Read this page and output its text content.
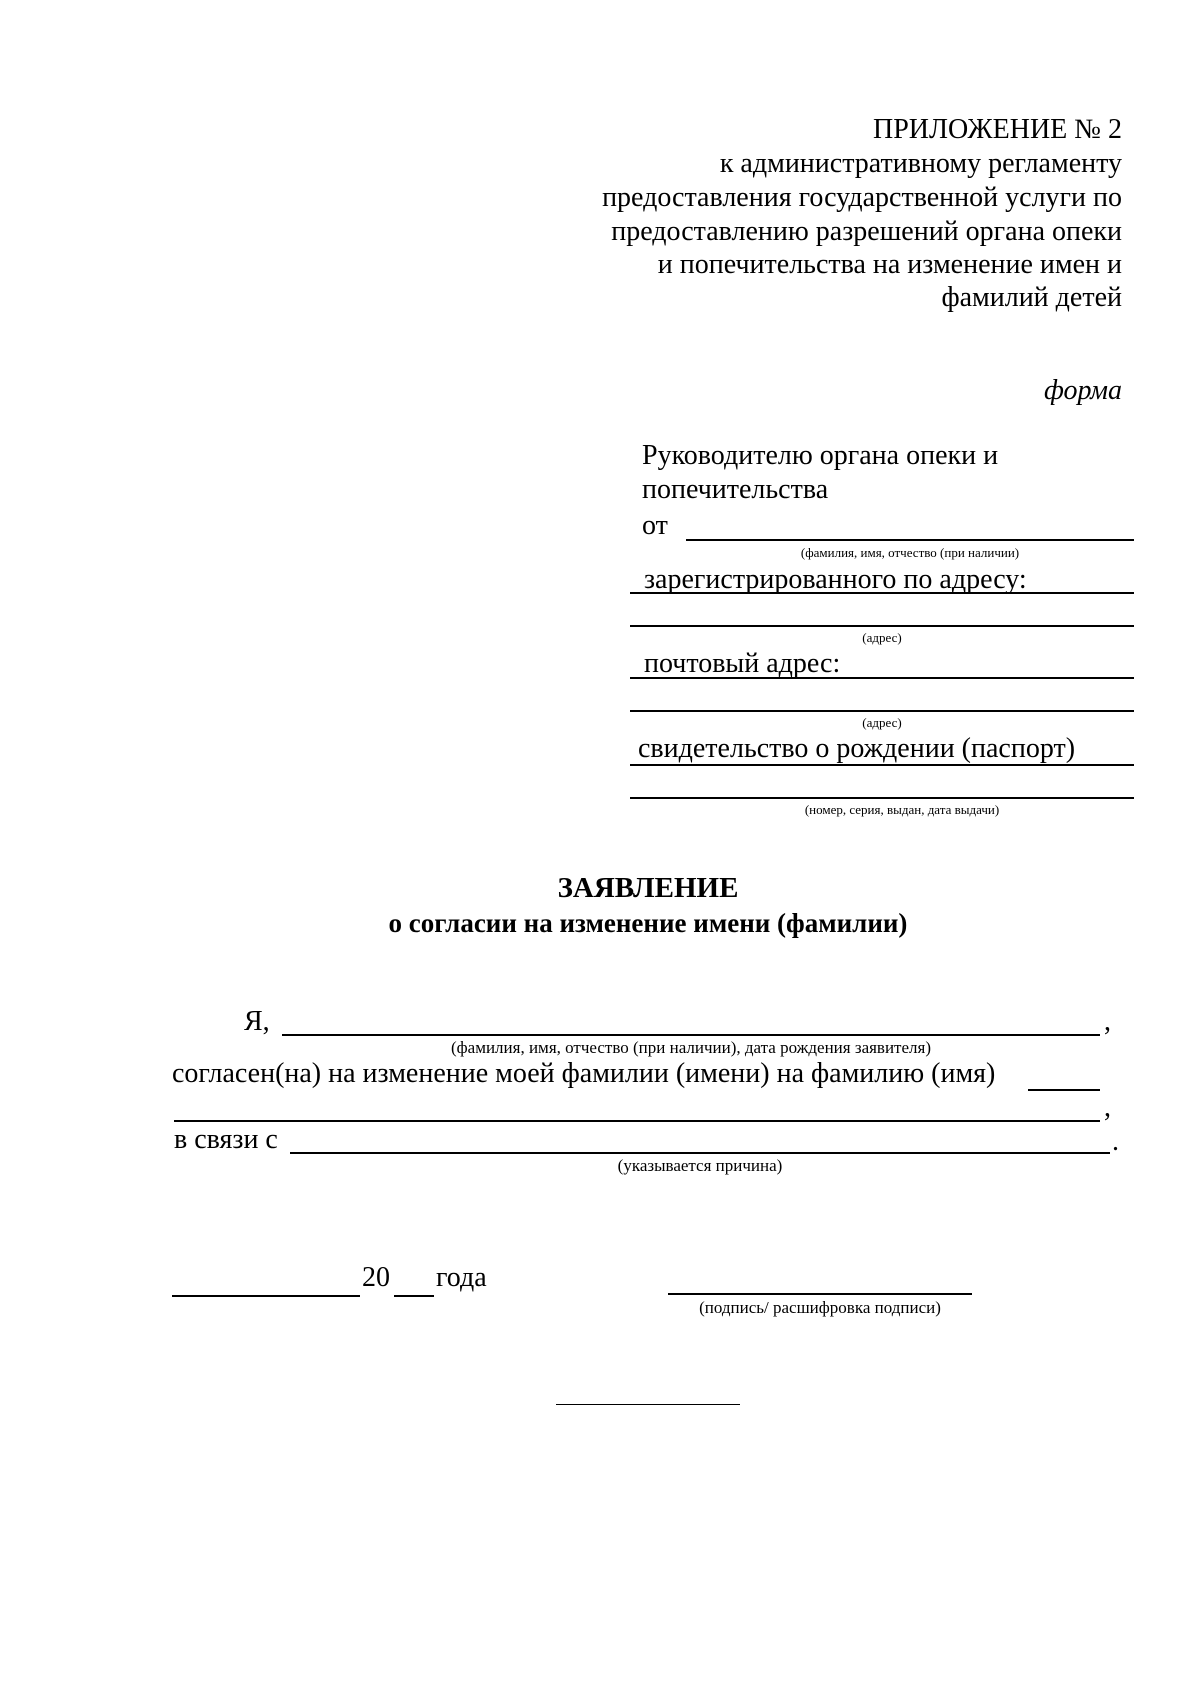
ПРИЛОЖЕНИЕ № 2
к административному регламенту
предоставления государственной услуги по
предоставлению разрешений органа опеки
и попечительства на изменение имен и
фамилий детей
форма
Руководителю органа опеки и
попечительства
от
(фамилия, имя, отчество (при наличии)
зарегистрированного по адресу:
(адрес)
почтовый адрес:
(адрес)
свидетельство о рождении (паспорт)
(номер, серия, выдан, дата выдачи)
ЗАЯВЛЕНИЕ
о согласии на изменение имени (фамилии)
Я,	,
(фамилия, имя, отчество (при наличии), дата рождения заявителя)
согласен(на) на изменение моей фамилии (имени) на фамилию (имя)
,
в связи с	.
(указывается причина)
20 года
(подпись/ расшифровка подписи)
